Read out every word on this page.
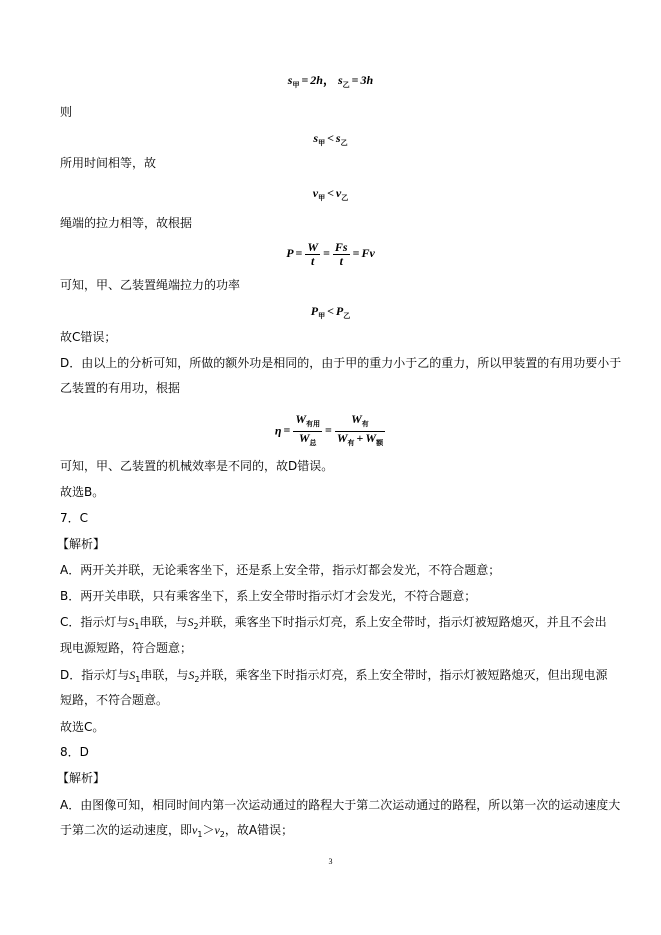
$s_甲 = 2h$， $s_乙 = 3h$
则
$s_甲 < s_乙$
所用时间相等，故
$v_甲 < v_乙$
绳端的拉力相等，故根据
$P = \frac{W}{t} = \frac{Fs}{t} = Fv$
可知，甲、乙装置绳端拉力的功率
$P_甲 < P_乙$
故C错误；
D．由以上的分析可知，所做的额外功是相同的，由于甲的重力小于乙的重力，所以甲装置的有用功要小于
乙装置的有用功，根据
$\eta = \frac{W_{有用}}{W_总} = \frac{W_有}{W_有 + W_额}$
可知，甲、乙装置的机械效率是不同的，故D错误。
故选B。
7．C
【解析】
A．两开关并联，无论乘客坐下，还是系上安全带，指示灯都会发光，不符合题意；
B．两开关串联，只有乘客坐下，系上安全带时指示灯才会发光，不符合题意；
C．指示灯与$S_1$串联，与$S_2$并联，乘客坐下时指示灯亮，系上安全带时，指示灯被短路熄灭，并且不会出
现电源短路，符合题意；
D．指示灯与$S_1$串联，与$S_2$并联，乘客坐下时指示灯亮，系上安全带时，指示灯被短路熄灭，但出现电源
短路，不符合题意。
故选C。
8．D
【解析】
A．由图像可知，相同时间内第一次运动通过的路程大于第二次运动通过的路程，所以第一次的运动速度大
于第二次的运动速度，即$v_1>v_2$，故A错误；
3
